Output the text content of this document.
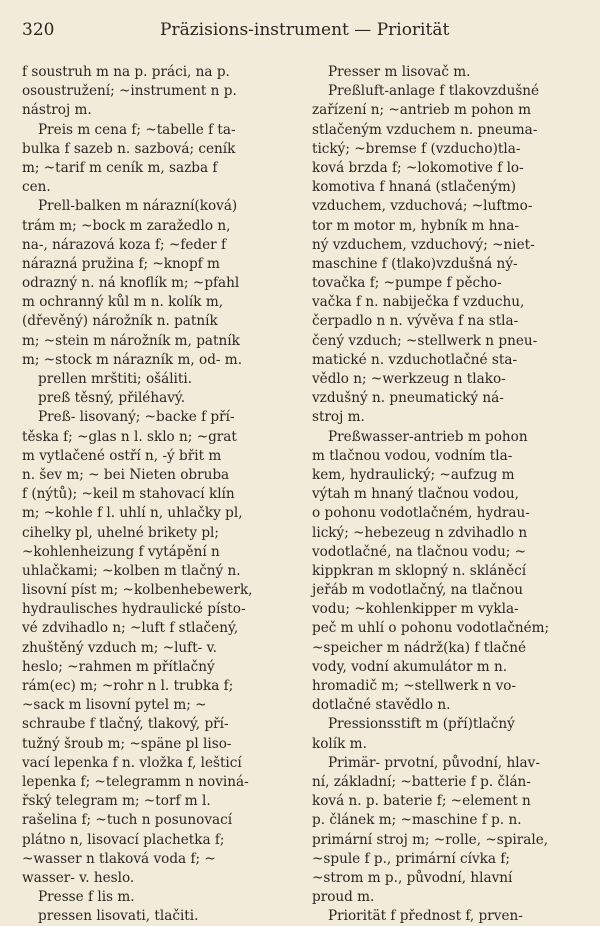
320	Präzisions-instrument — Priorität
f soustruh m na p. práci, na p.
osoustružení; ~instrument n p.
nástroj m.
Preis m cena f; ~tabelle f ta-
bulka f sazeb n. sazbová; ceník
m; ~tarif m ceník m, sazba f
cen.
Prell-balken m nárazní(ková)
trám m; ~bock m zaražedlo n,
na-, nárazová koza f; ~feder f
nárazná pružina f; ~knopf m
odrazný n. ná knoflík m; ~pfahl
m ochranný kůl m n. kolík m,
(dřevěný) nárožník n. patník
m; ~stein m nárožník m, patník
m; ~stock m nárazník m, od- m.
prellen mrštiti; ošáliti.
preß těsný, přiléhavý.
Preß- lisovaný; ~backe f pří-
těska f; ~glas n l. sklo n; ~grat
m vytlačené ostří n, -ý břit m
n. šev m; ~ bei Nieten obruba
f (nýtů); ~keil m stahovací klín
m; ~kohle f l. uhlí n, uhlačky pl,
cihelky pl, uhelné brikety pl;
~kohlenheizung f vytápění n
uhlačkami; ~kolben m tlačný n.
lisovní píst m; ~kolbenhebewerk,
hydraulisches hydraulické písto-
vé zdvihadlo n; ~luft f stlačený,
zhuštěný vzduch m; ~luft- v.
heslo; ~rahmen m přítlačný
rám(ec) m; ~rohr n l. trubka f;
~sack m lisovní pytel m; ~
schraube f tlačný, tlakový, pří-
tužný šroub m; ~späne pl liso-
vací lepenka f n. vložka f, lešticí
lepenka f; ~telegramm n noviná-
řský telegram m; ~torf m l.
rašelina f; ~tuch n posunovací
plátno n, lisovací plachetka f;
~wasser n tlaková voda f; ~
wasser- v. heslo.
Presse f lis m.
pressen lisovati, tlačiti.
Presser m lisovač m.
Preßluft-anlage f tlakovzdušné
zařízení n; ~antrieb m pohon m
stlačeným vzduchem n. pneuma-
tický; ~bremse f (vzducho)tla-
ková brzda f; ~lokomotive f lo-
komotiva f hnaná (stlačeným)
vzduchem, vzduchová; ~luftmo-
tor m motor m, hybník m hna-
ný vzduchem, vzduchový; ~niet-
maschine f (tlako)vzdušná ný-
tovačka f; ~pumpe f pěcho-
vačka f n. nabiječka f vzduchu,
čerpadlo n n. vývěva f na stla-
čený vzduch; ~stellwerk n pneu-
matické n. vzduchotlačné sta-
vědlo n; ~werkzeug n tlako-
vzdušný n. pneumatický ná-
stroj m.
Preßwasser-antrieb m pohon
m tlačnou vodou, vodním tla-
kem, hydraulický; ~aufzug m
výtah m hnaný tlačnou vodou,
o pohonu vodotlačném, hydrau-
lický; ~hebezeug n zdvihadlo n
vodotlačné, na tlačnou vodu; ~
kippkran m sklopný n. skláněcí
jeřáb m vodotlačný, na tlačnou
vodu; ~kohlenkipper m vykla-
peč m uhlí o pohonu vodotlačném;
~speicher m nádrž(ka) f tlačné
vody, vodní akumulátor m n.
hromadič m; ~stellwerk n vo-
dotlačné stavědlo n.
Pressionsstift m (pří)tlačný
kolík m.
Primär- prvotní, původní, hlav-
ní, základní; ~batterie f p. člán-
ková n. p. baterie f; ~element n
p. článek m; ~maschine f p. n.
primární stroj m; ~rolle, ~spirale,
~spule f p., primární cívka f;
~strom m p., původní, hlavní
proud m.
Priorität f přednost f, prven-
